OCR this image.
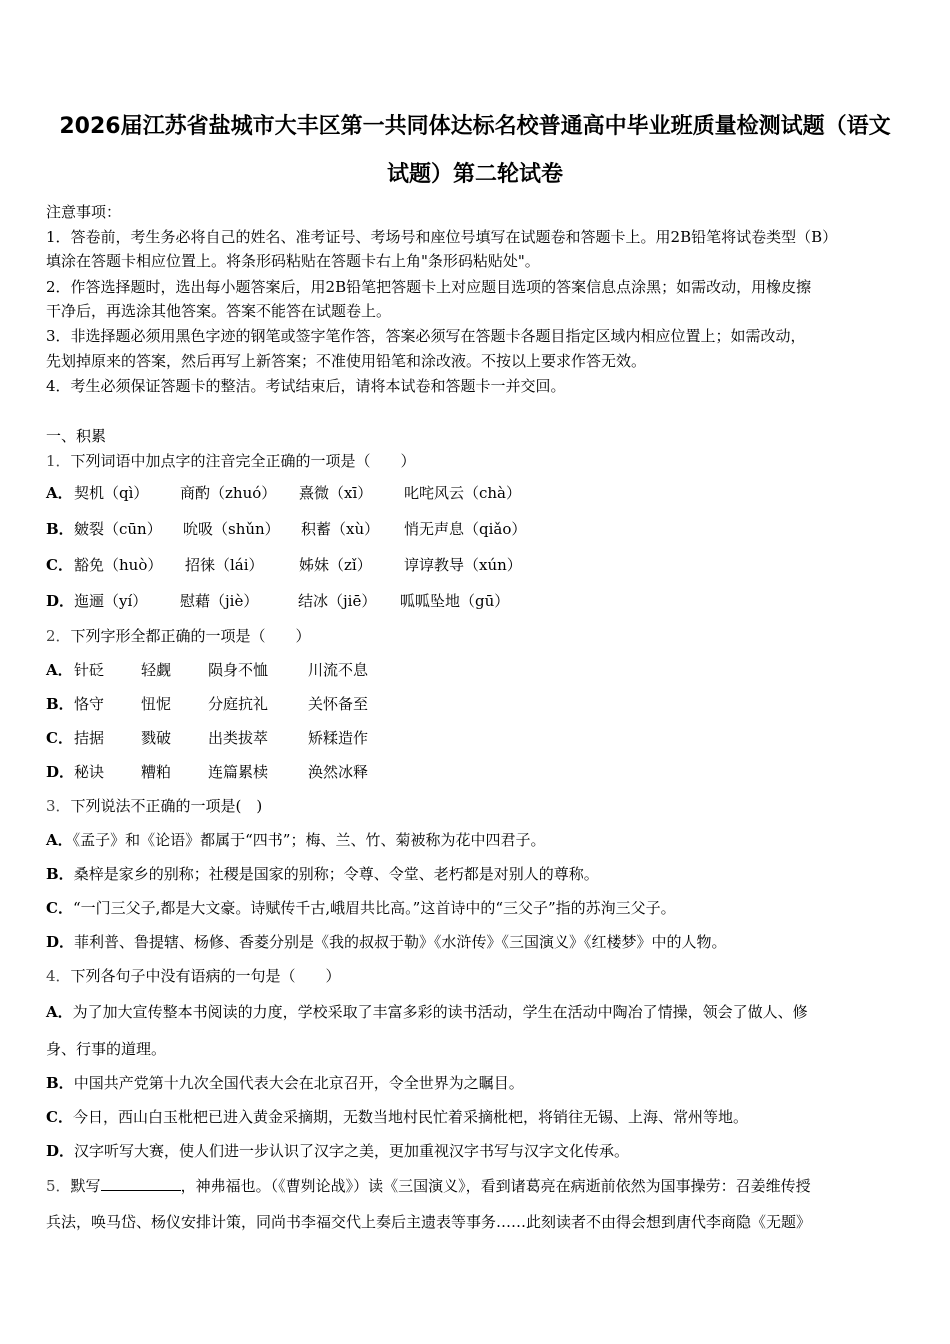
2026届江苏省盐城市大丰区第一共同体达标名校普通高中毕业班质量检测试题（语文
试题）第二轮试卷
注意事项：
1．答卷前，考生务必将自己的姓名、准考证号、考场号和座位号填写在试题卷和答题卡上。用2B铅笔将试卷类型（B）
填涂在答题卡相应位置上。将条形码粘贴在答题卡右上角"条形码粘贴处"。
2．作答选择题时，选出每小题答案后，用2B铅笔把答题卡上对应题目选项的答案信息点涂黑；如需改动，用橡皮擦
干净后，再选涂其他答案。答案不能答在试题卷上。
3．非选择题必须用黑色字迹的钢笔或签字笔作答，答案必须写在答题卡各题目指定区域内相应位置上；如需改动，
先划掉原来的答案，然后再写上新答案；不准使用铅笔和涂改液。不按以上要求作答无效。
4．考生必须保证答题卡的整洁。考试结束后，请将本试卷和答题卡一并交回。
一、积累
1．下列词语中加点字的注音完全正确的一项是（　　）
A． 契机（qì） 商酌（zhuó） 熹微（xī） 叱咤风云（chà）
B． 皴裂（cūn） 吮吸（shǔn） 积蓄（xù） 悄无声息（qiǎo）
C． 豁免（huò） 招徕（lái） 姊妹（zǐ） 谆谆教导（xún）
D． 迤逦（yí） 慰藉（jiè）	结冰（jiē） 呱呱坠地（gū）
2．下列字形全都正确的一项是（　　）
A． 针砭 轻觑 陨身不恤	川流不息
B． 恪守 忸怩 分庭抗礼	关怀备至
C． 拮据 戮破 出类拔萃	矫糅造作
D． 秘诀 糟粕 连篇累椟	涣然冰释
3．下列说法不正确的一项是(　)
A．《孟子》和《论语》都属于“四书”；梅、兰、竹、菊被称为花中四君子。
B．桑梓是家乡的别称；社稷是国家的别称；令尊、令堂、老朽都是对别人的尊称。
C．“一门三父子,都是大文豪。诗赋传千古,峨眉共比高。”这首诗中的“三父子”指的苏洵三父子。
D．菲利普、鲁提辖、杨修、香菱分别是《我的叔叔于勒》《水浒传》《三国演义》《红楼梦》中的人物。
4．下列各句子中没有语病的一句是（　　）
A．为了加大宣传整本书阅读的力度，学校采取了丰富多彩的读书活动，学生在活动中陶冶了情操，领会了做人、修
身、行事的道理。
B．中国共产党第十九次全国代表大会在北京召开，令全世界为之瞩目。
C．今日，西山白玉枇杷已进入黄金采摘期，无数当地村民忙着采摘枇杷，将销往无锡、上海、常州等地。
D．汉字听写大赛，使人们进一步认识了汉字之美，更加重视汉字书写与汉字文化传承。
5．默写	，神弗福也。（《曹刿论战》）读《三国演义》，看到诸葛亮在病逝前依然为国事操劳：召姜维传授
兵法，唤马岱、杨仪安排计策，同尚书李福交代上奏后主遗表等事务……此刻读者不由得会想到唐代李商隐《无题》
